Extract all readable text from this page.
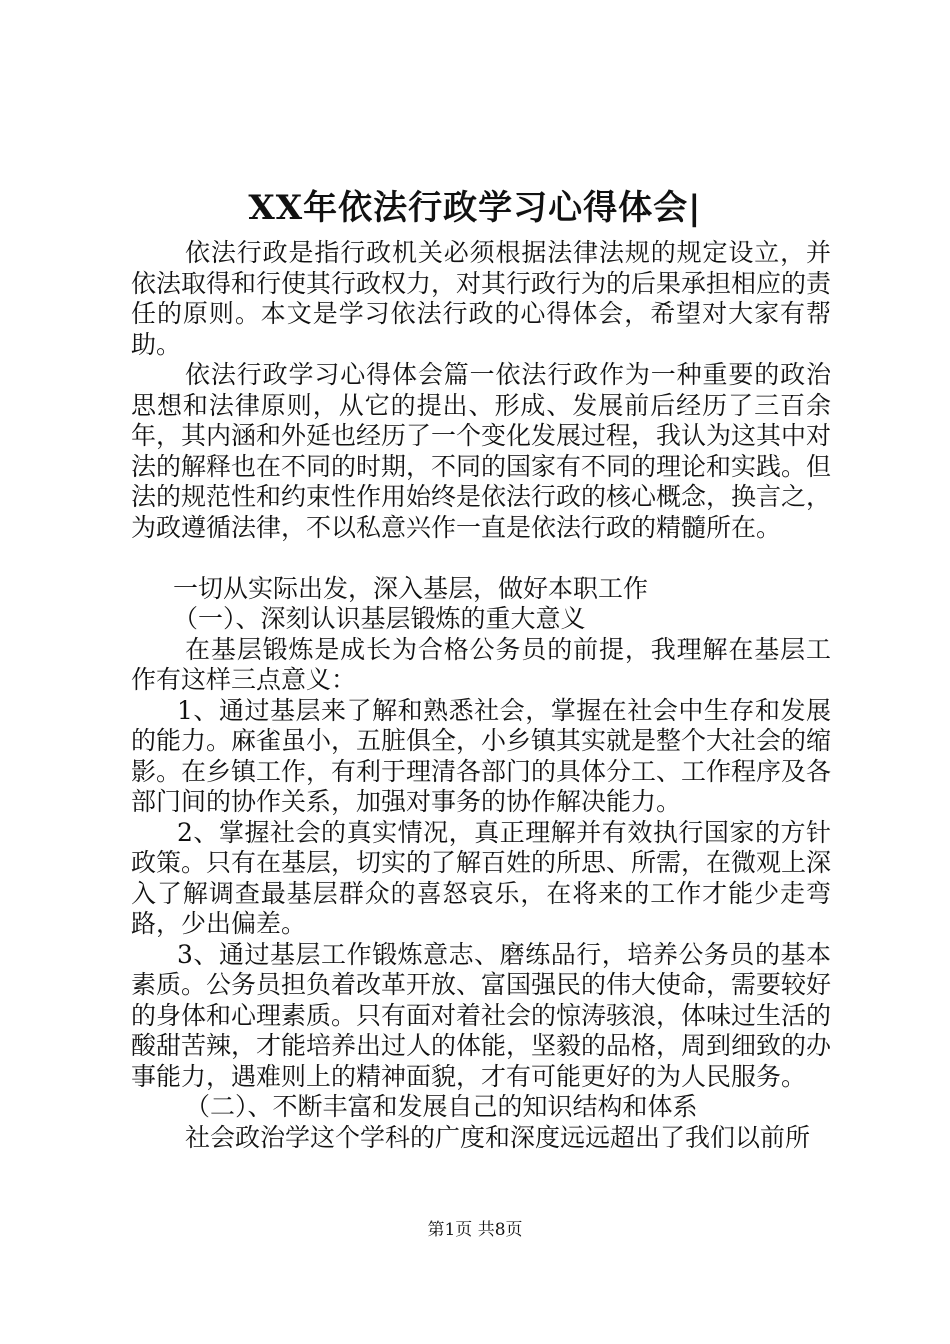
XX年依法行政学习心得体会|

依法行政是指行政机关必须根据法律法规的规定设立，并依法取得和行使其行政权力，对其行政行为的后果承担相应的责任的原则。本文是学习依法行政的心得体会，希望对大家有帮助。

依法行政学习心得体会篇一依法行政作为一种重要的政治思想和法律原则，从它的提出、形成、发展前后经历了三百余年，其内涵和外延也经历了一个变化发展过程，我认为这其中对法的解释也在不同的时期，不同的国家有不同的理论和实践。但法的规范性和约束性作用始终是依法行政的核心概念，换言之，为政遵循法律，不以私意兴作一直是依法行政的精髓所在。

一切从实际出发，深入基层，做好本职工作

（一）、深刻认识基层锻炼的重大意义

在基层锻炼是成长为合格公务员的前提，我理解在基层工作有这样三点意义：

1、通过基层来了解和熟悉社会，掌握在社会中生存和发展的能力。麻雀虽小，五脏俱全，小乡镇其实就是整个大社会的缩影。在乡镇工作，有利于理清各部门的具体分工、工作程序及各部门间的协作关系，加强对事务的协作解决能力。

2、掌握社会的真实情况，真正理解并有效执行国家的方针政策。只有在基层，切实的了解百姓的所思、所需，在微观上深入了解调查最基层群众的喜怒哀乐，在将来的工作才能少走弯路，少出偏差。

3、通过基层工作锻炼意志、磨练品行，培养公务员的基本素质。公务员担负着改革开放、富国强民的伟大使命，需要较好的身体和心理素质。只有面对着社会的惊涛骇浪，体味过生活的酸甜苦辣，才能培养出过人的体能，坚毅的品格，周到细致的办事能力，遇难则上的精神面貌，才有可能更好的为人民服务。

（二）、不断丰富和发展自己的知识结构和体系

社会政治学这个学科的广度和深度远远超出了我们以前所

第1页 共8页
